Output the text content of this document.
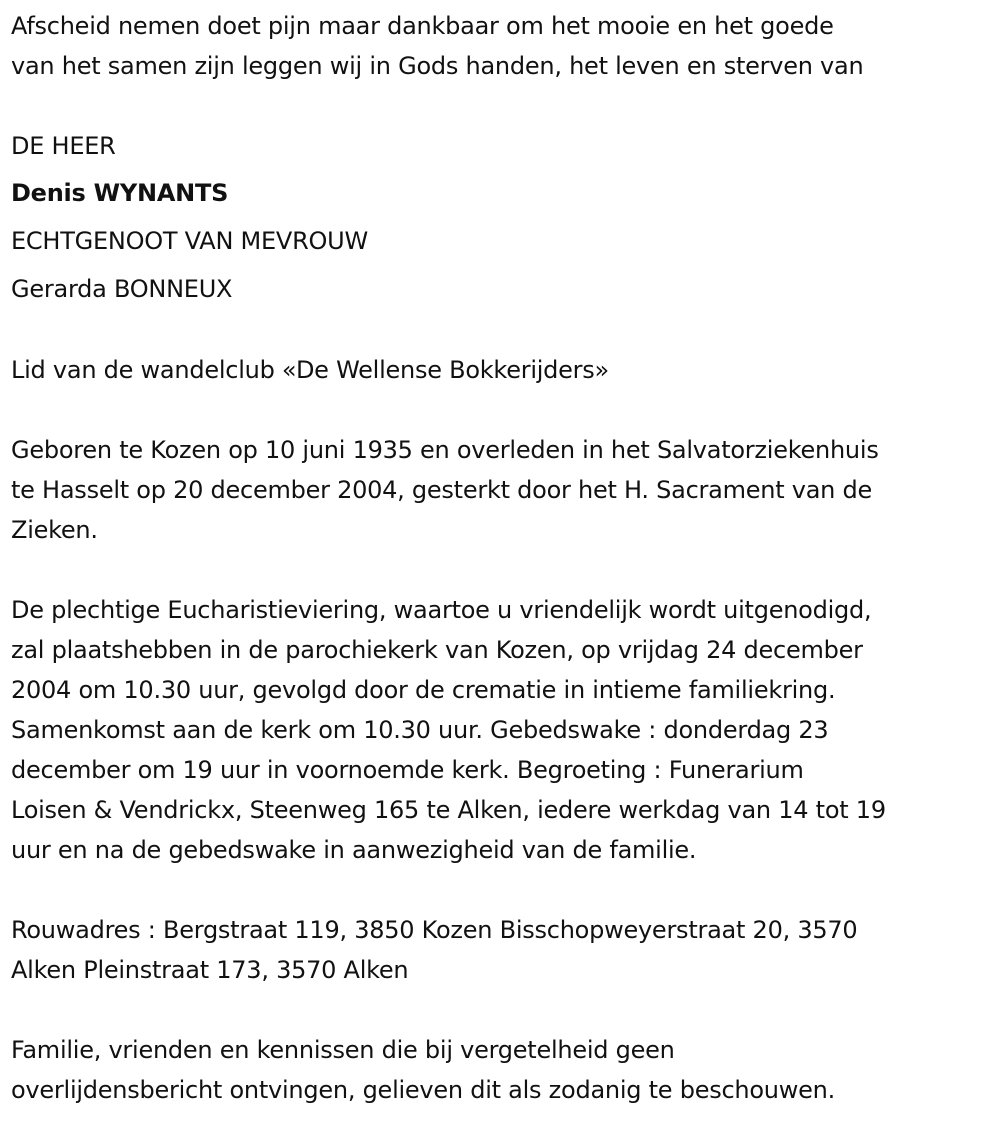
Afscheid nemen doet pijn maar dankbaar om het mooie en het goede
van het samen zijn leggen wij in Gods handen, het leven en sterven van
DE HEER
Denis WYNANTS
ECHTGENOOT VAN MEVROUW
Gerarda BONNEUX
Lid van de wandelclub «De Wellense Bokkerijders»
Geboren te Kozen op 10 juni 1935 en overleden in het Salvatorziekenhuis
te Hasselt op 20 december 2004, gesterkt door het H. Sacrament van de
Zieken.
De plechtige Eucharistieviering, waartoe u vriendelijk wordt uitgenodigd,
zal plaatshebben in de parochiekerk van Kozen, op vrijdag 24 december
2004 om 10.30 uur, gevolgd door de crematie in intieme familiekring.
Samenkomst aan de kerk om 10.30 uur. Gebedswake : donderdag 23
december om 19 uur in voornoemde kerk. Begroeting : Funerarium
Loisen & Vendrickx, Steenweg 165 te Alken, iedere werkdag van 14 tot 19
uur en na de gebedswake in aanwezigheid van de familie.
Rouwadres : Bergstraat 119, 3850 Kozen Bisschopweyerstraat 20, 3570
Alken Pleinstraat 173, 3570 Alken
Familie, vrienden en kennissen die bij vergetelheid geen
overlijdensbericht ontvingen, gelieven dit als zodanig te beschouwen.
